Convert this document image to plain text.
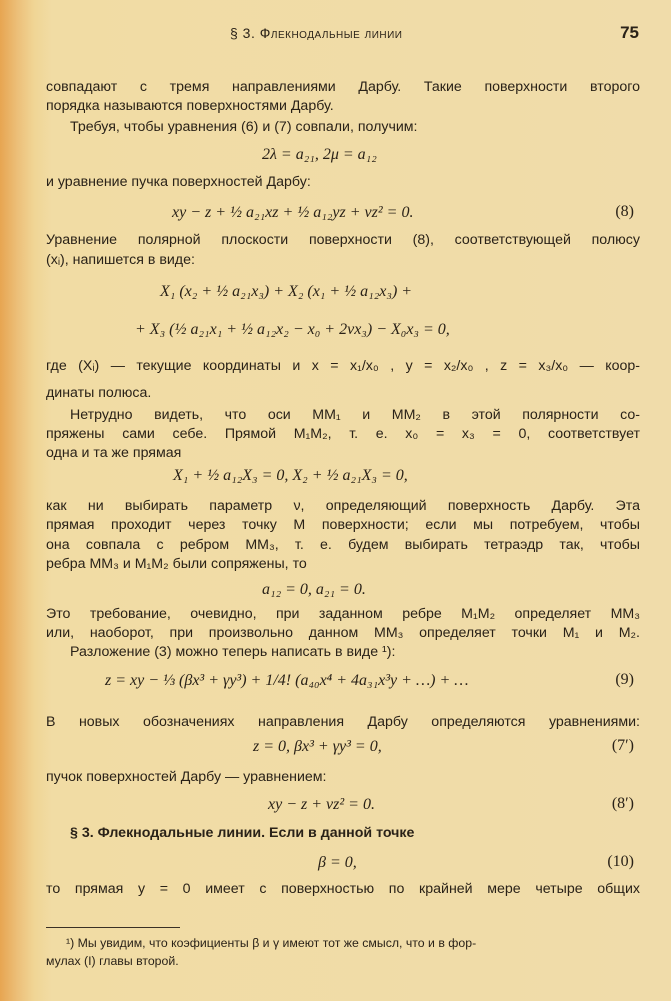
§ 3. Флекнодальные линии	75
совпадают с тремя направлениями Дарбу. Такие поверхности второго
порядка называются поверхностями Дарбу.
Требуя, чтобы уравнения (6) и (7) совпали, получим:
2λ = a₂₁, 2μ = a₁₂
и уравнение пучка поверхностей Дарбу:
xy − z + ½ a₂₁xz + ½ a₁₂yz + νz² = 0.	(8)
Уравнение полярной плоскости поверхности (8), соответствующей полюсу
(xᵢ), напишется в виде:
X₁ (x₂ + ½ a₂₁x₃) + X₂ (x₁ + ½ a₁₂x₃) +
+ X₃ (½ a₂₁x₁ + ½ a₁₂x₂ − x₀ + 2νx₃) − X₀x₃ = 0,
где (Xᵢ) — текущие координаты и x = x₁/x₀ , y = x₂/x₀ , z = x₃/x₀ — коор-
динаты полюса.
Нетрудно видеть, что оси MM₁ и MM₂ в этой полярности со-
пряжены сами себе. Прямой M₁M₂, т. е. x₀ = x₃ = 0, соответствует
одна и та же прямая
X₁ + ½ a₁₂X₃ = 0, X₂ + ½ a₂₁X₃ = 0,
как ни выбирать параметр ν, определяющий поверхность Дарбу. Эта
прямая проходит через точку M поверхности; если мы потребуем, чтобы
она совпала с ребром MM₃, т. е. будем выбирать тетраэдр так, чтобы
ребра MM₃ и M₁M₂ были сопряжены, то
a₁₂ = 0, a₂₁ = 0.
Это требование, очевидно, при заданном ребре M₁M₂ определяет MM₃
или, наоборот, при произвольно данном MM₃ определяет точки M₁ и M₂.
Разложение (3) можно теперь написать в виде ¹):
z = xy − ⅓ (βx³ + γy³) + 1/4! (a₄₀x⁴ + 4a₃₁x³y + …) + …	(9)
В новых обозначениях направления Дарбу определяются уравнениями:
z = 0, βx³ + γy³ = 0,	(7′)
пучок поверхностей Дарбу — уравнением:
xy − z + νz² = 0.	(8′)
§ 3. Флекнодальные линии. Если в данной точке
β = 0,	(10)
то прямая y = 0 имеет с поверхностью по крайней мере четыре общих
¹) Мы увидим, что коэфициенты β и γ имеют тот же смысл, что и в фор-
мулах (I) главы второй.
